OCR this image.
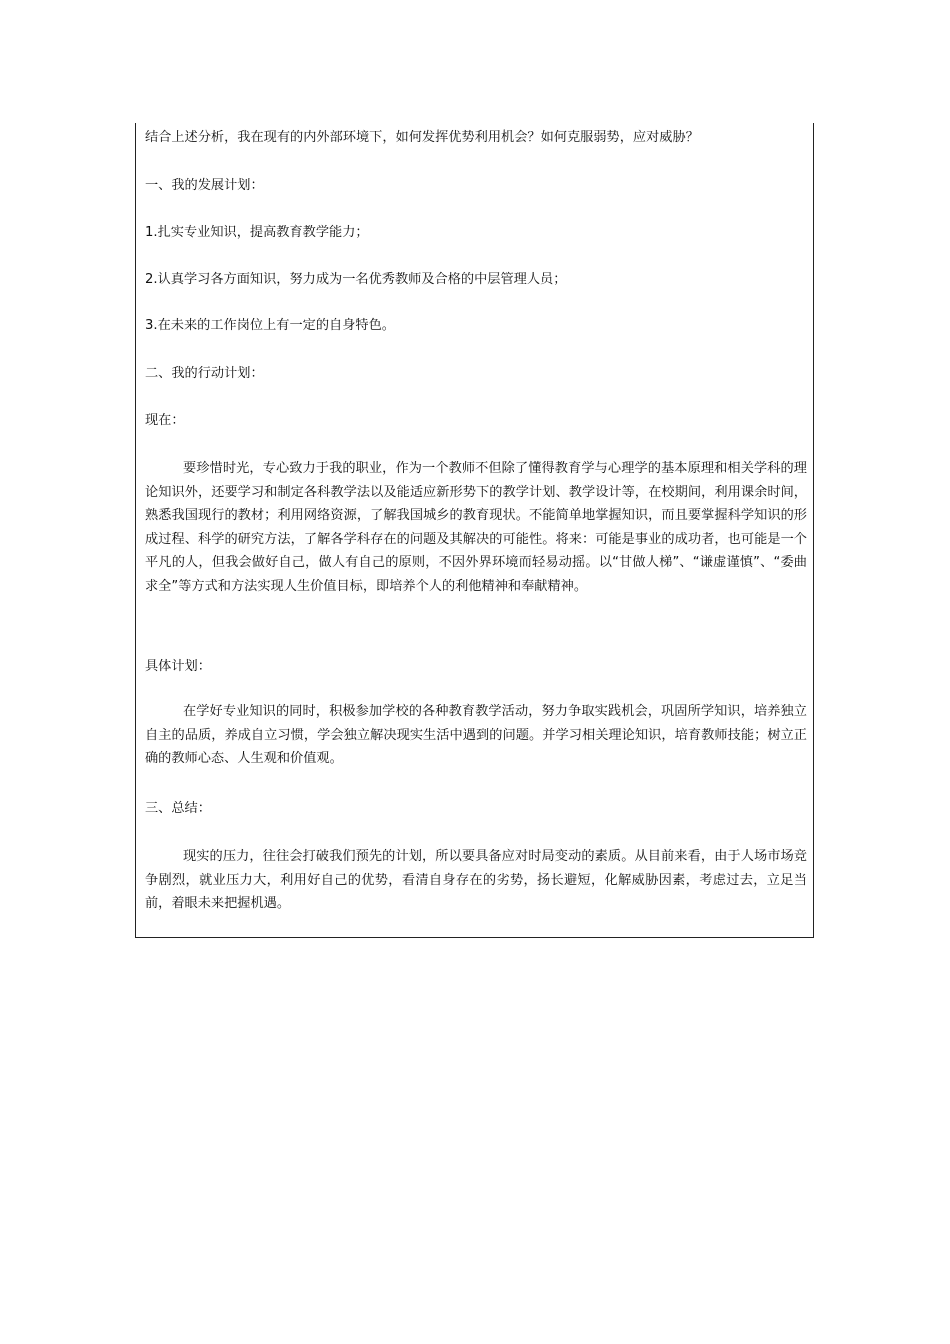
结合上述分析，我在现有的内外部环境下，如何发挥优势利用机会？如何克服弱势，应对威胁？

一、我的发展计划：

1.扎实专业知识，提高教育教学能力；

2.认真学习各方面知识，努力成为一名优秀教师及合格的中层管理人员；

3.在未来的工作岗位上有一定的自身特色。

二、我的行动计划：

现在：

要珍惜时光，专心致力于我的职业，作为一个教师不但除了懂得教育学与心理学的基本原理和相关学科的理论知识外，还要学习和制定各科教学法以及能适应新形势下的教学计划、教学设计等，在校期间，利用课余时间，熟悉我国现行的教材；利用网络资源，了解我国城乡的教育现状。不能简单地掌握知识，而且要掌握科学知识的形成过程、科学的研究方法，了解各学科存在的问题及其解决的可能性。将来：可能是事业的成功者，也可能是一个平凡的人，但我会做好自己，做人有自己的原则，不因外界环境而轻易动摇。以“甘做人梯”、“谦虚谨慎”、“委曲求全”等方式和方法实现人生价值目标，即培养个人的利他精神和奉献精神。

具体计划：

在学好专业知识的同时，积极参加学校的各种教育教学活动，努力争取实践机会，巩固所学知识，培养独立自主的品质，养成自立习惯，学会独立解决现实生活中遇到的问题。并学习相关理论知识，培育教师技能；树立正确的教师心态、人生观和价值观。

三、总结：

现实的压力，往往会打破我们预先的计划，所以要具备应对时局变动的素质。从目前来看，由于人场市场竞争剧烈，就业压力大，利用好自己的优势，看清自身存在的劣势，扬长避短，化解威胁因素，考虑过去，立足当前，着眼未来把握机遇。
